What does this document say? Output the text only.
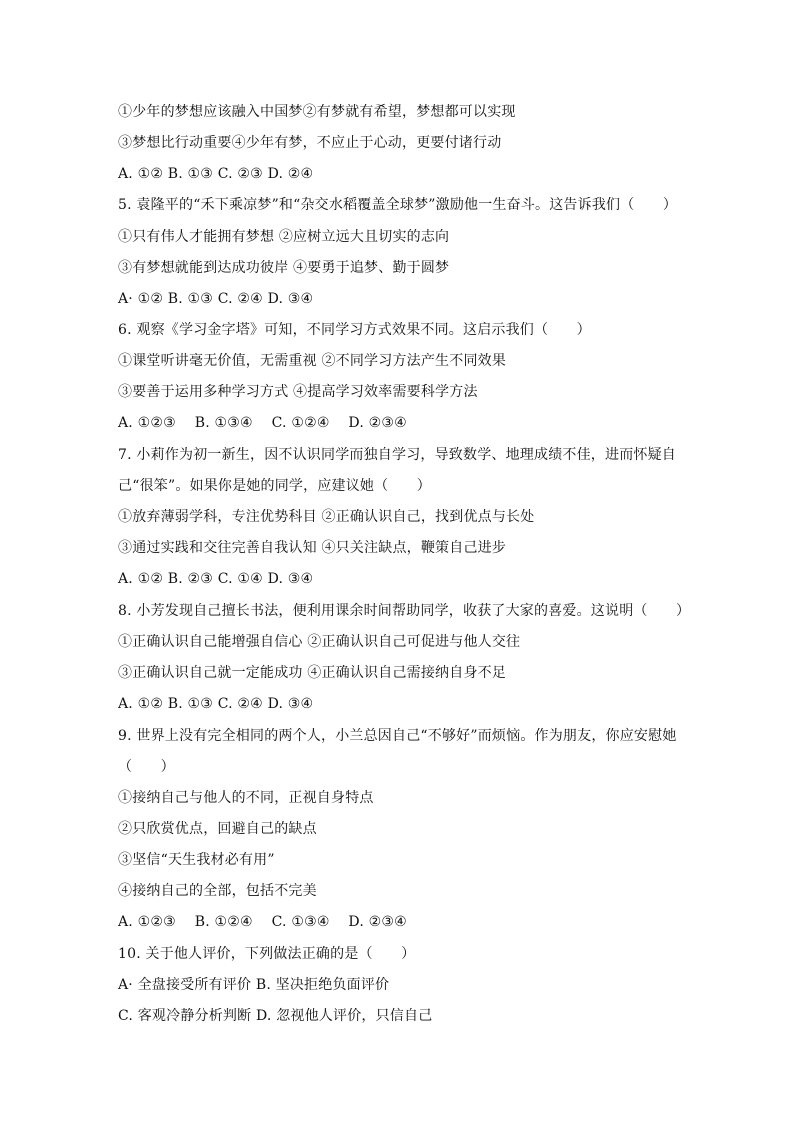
①少年的梦想应该融入中国梦②有梦就有希望，梦想都可以实现
③梦想比行动重要④少年有梦，不应止于心动，更要付诸行动
A. ①② B. ①③ C. ②③ D. ②④
5. 袁隆平的“禾下乘凉梦”和“杂交水稻覆盖全球梦”激励他一生奋斗。这告诉我们（　　）
①只有伟人才能拥有梦想 ②应树立远大且切实的志向
③有梦想就能到达成功彼岸 ④要勇于追梦、勤于圆梦
A· ①② B. ①③ C. ②④ D. ③④
6. 观察《学习金字塔》可知，不同学习方式效果不同。这启示我们（　　）
①课堂听讲毫无价值，无需重视 ②不同学习方法产生不同效果
③要善于运用多种学习方式 ④提高学习效率需要科学方法
A. ①②③　 B. ①③④　 C. ①②④　 D. ②③④
7. 小莉作为初一新生，因不认识同学而独自学习，导致数学、地理成绩不佳，进而怀疑自
己“很笨”。如果你是她的同学，应建议她（　　）
①放弃薄弱学科，专注优势科目 ②正确认识自己，找到优点与长处
③通过实践和交往完善自我认知 ④只关注缺点，鞭策自己进步
A. ①② B. ②③ C. ①④ D. ③④
8. 小芳发现自己擅长书法，便利用课余时间帮助同学，收获了大家的喜爱。这说明（　　）
①正确认识自己能增强自信心 ②正确认识自己可促进与他人交往
③正确认识自己就一定能成功 ④正确认识自己需接纳自身不足
A. ①② B. ①③ C. ②④ D. ③④
9. 世界上没有完全相同的两个人，小兰总因自己“不够好”而烦恼。作为朋友，你应安慰她
（　　）
①接纳自己与他人的不同，正视自身特点
②只欣赏优点，回避自己的缺点
③坚信“天生我材必有用”
④接纳自己的全部，包括不完美
A. ①②③　 B. ①②④　 C. ①③④　 D. ②③④
10. 关于他人评价，下列做法正确的是（　　）
A· 全盘接受所有评价 B. 坚决拒绝负面评价
C. 客观冷静分析判断 D. 忽视他人评价，只信自己
